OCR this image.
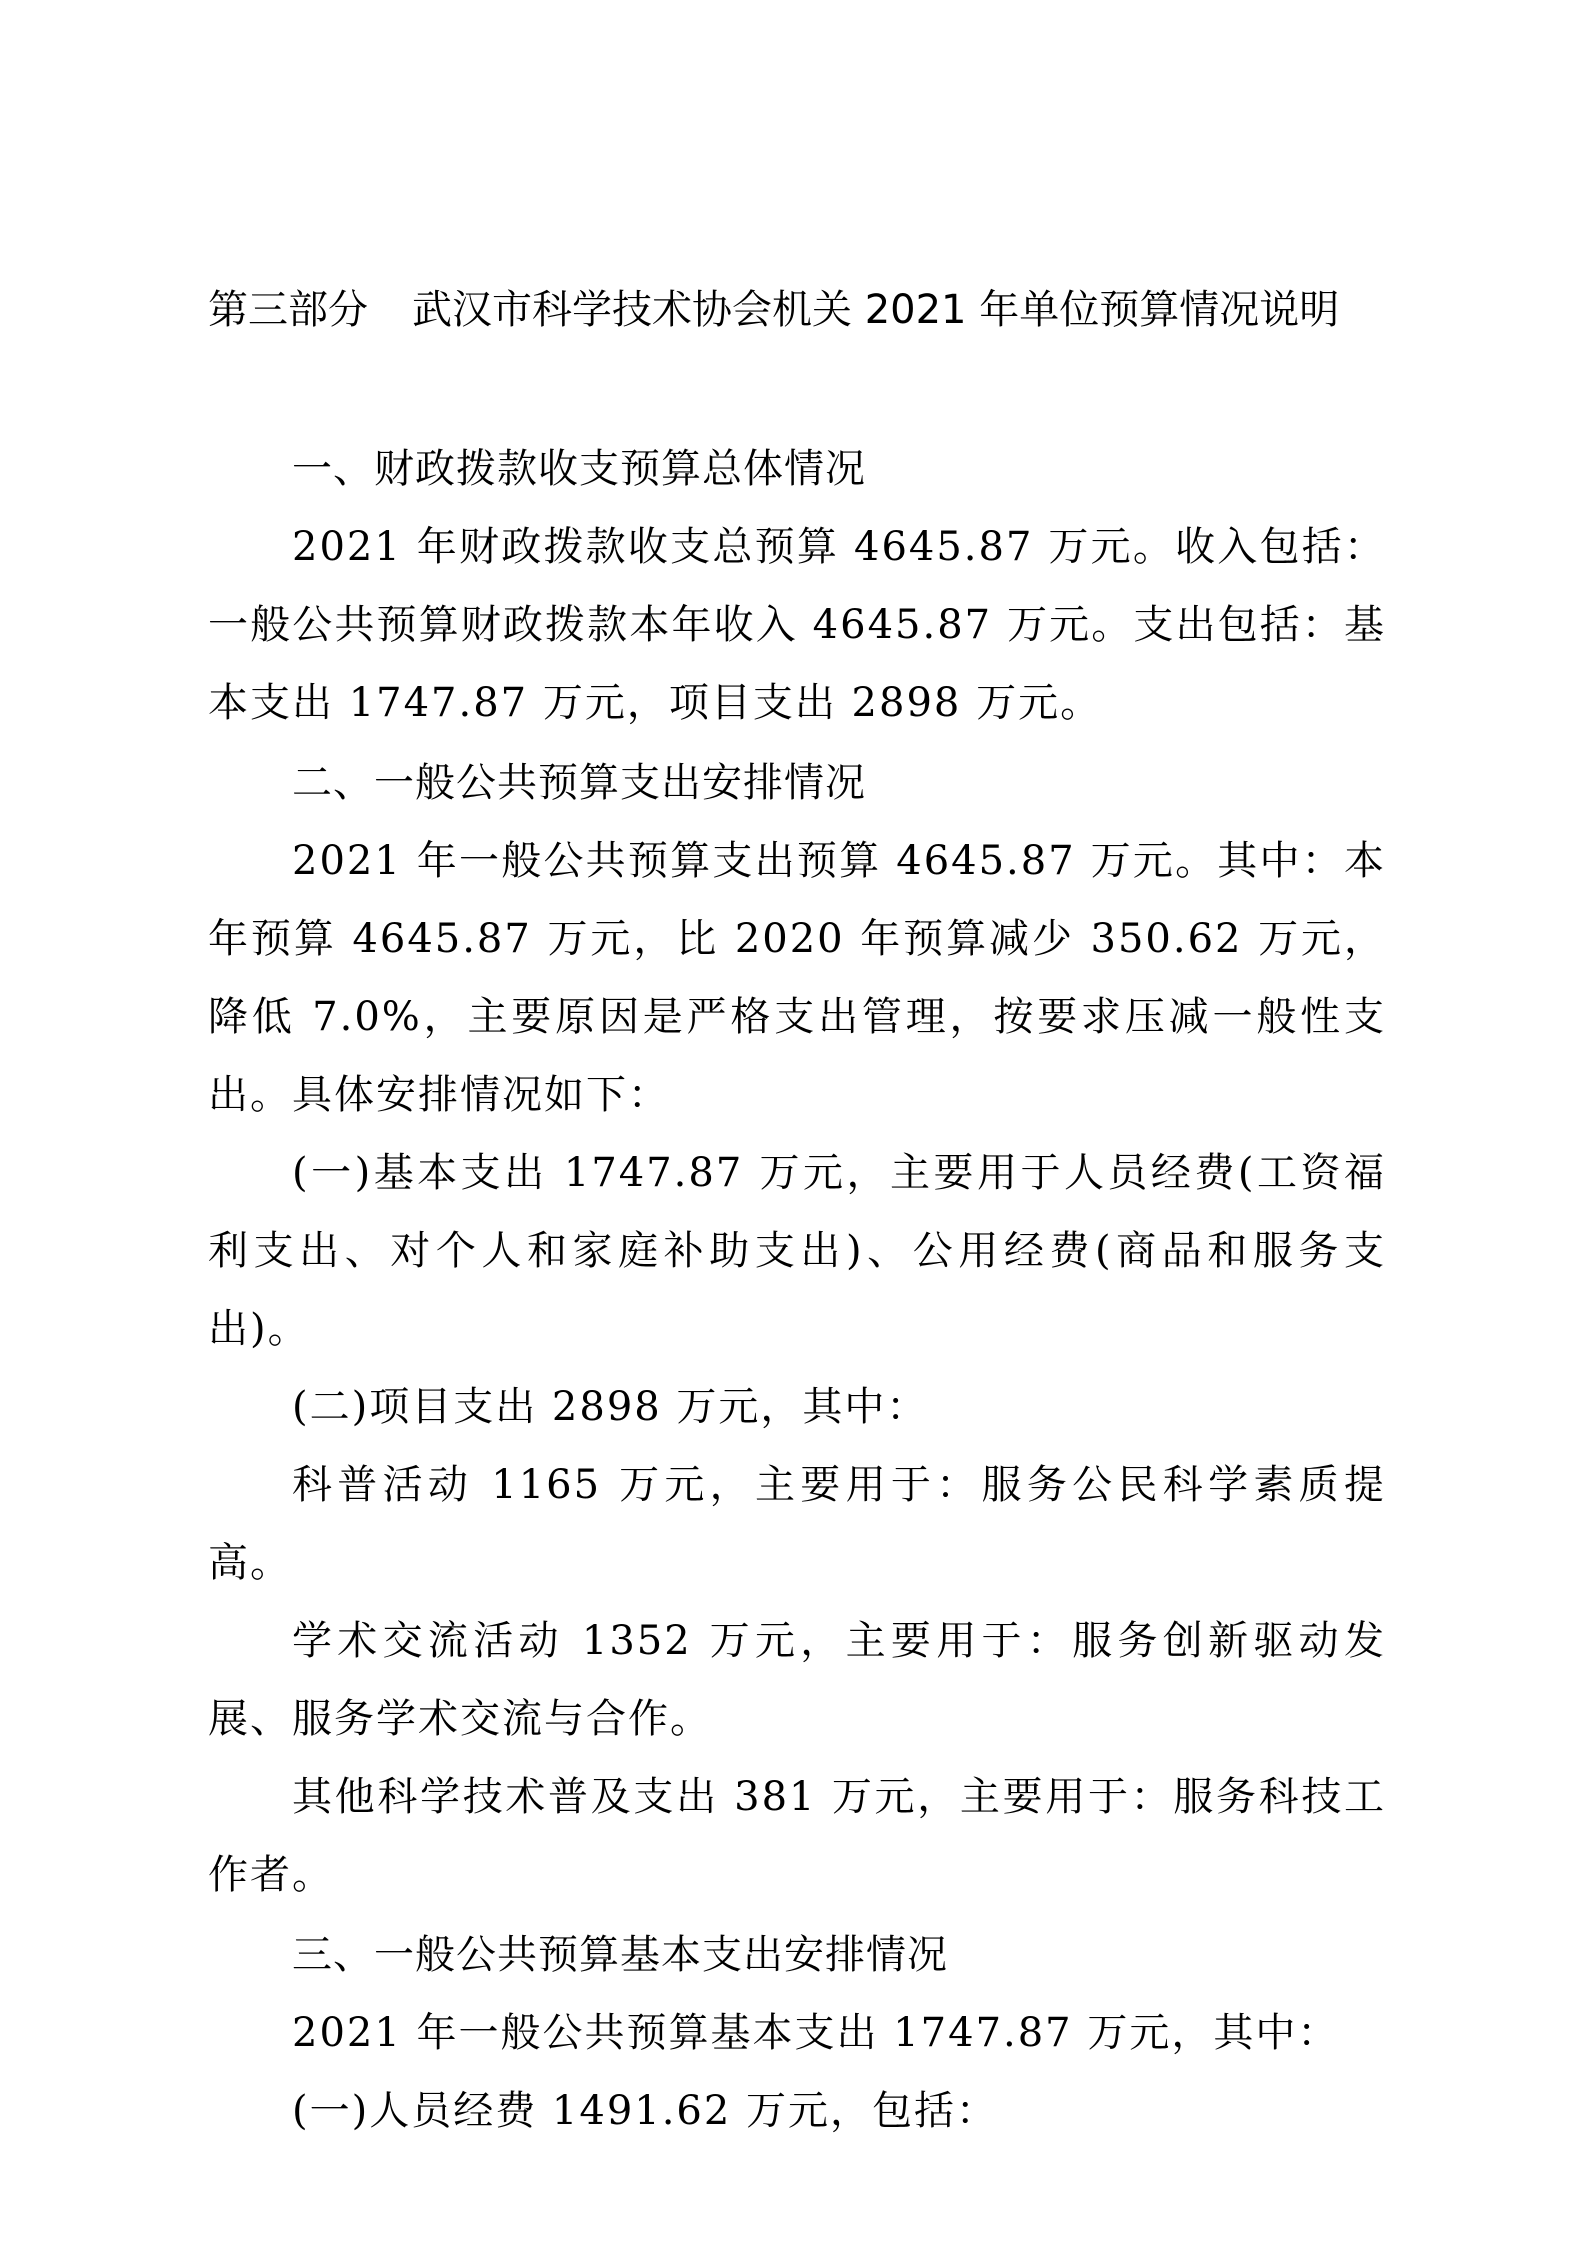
第三部分 武汉市科学技术协会机关 2021 年单位预算情况说明

一、财政拨款收支预算总体情况

2021 年财政拨款收支总预算 4645.87 万元。收入包括：一般公共预算财政拨款本年收入 4645.87 万元。支出包括：基本支出 1747.87 万元，项目支出 2898 万元。

二、一般公共预算支出安排情况

2021 年一般公共预算支出预算 4645.87 万元。其中：本年预算 4645.87 万元，比 2020 年预算减少 350.62 万元，降低 7.0%，主要原因是严格支出管理，按要求压减一般性支出。具体安排情况如下：

(一)基本支出 1747.87 万元，主要用于人员经费(工资福利支出、对个人和家庭补助支出)、公用经费(商品和服务支出)。

(二)项目支出 2898 万元，其中：

科普活动 1165 万元，主要用于：服务公民科学素质提高。

学术交流活动 1352 万元，主要用于：服务创新驱动发展、服务学术交流与合作。

其他科学技术普及支出 381 万元，主要用于：服务科技工作者。

三、一般公共预算基本支出安排情况

2021 年一般公共预算基本支出 1747.87 万元，其中：

(一)人员经费 1491.62 万元，包括：
